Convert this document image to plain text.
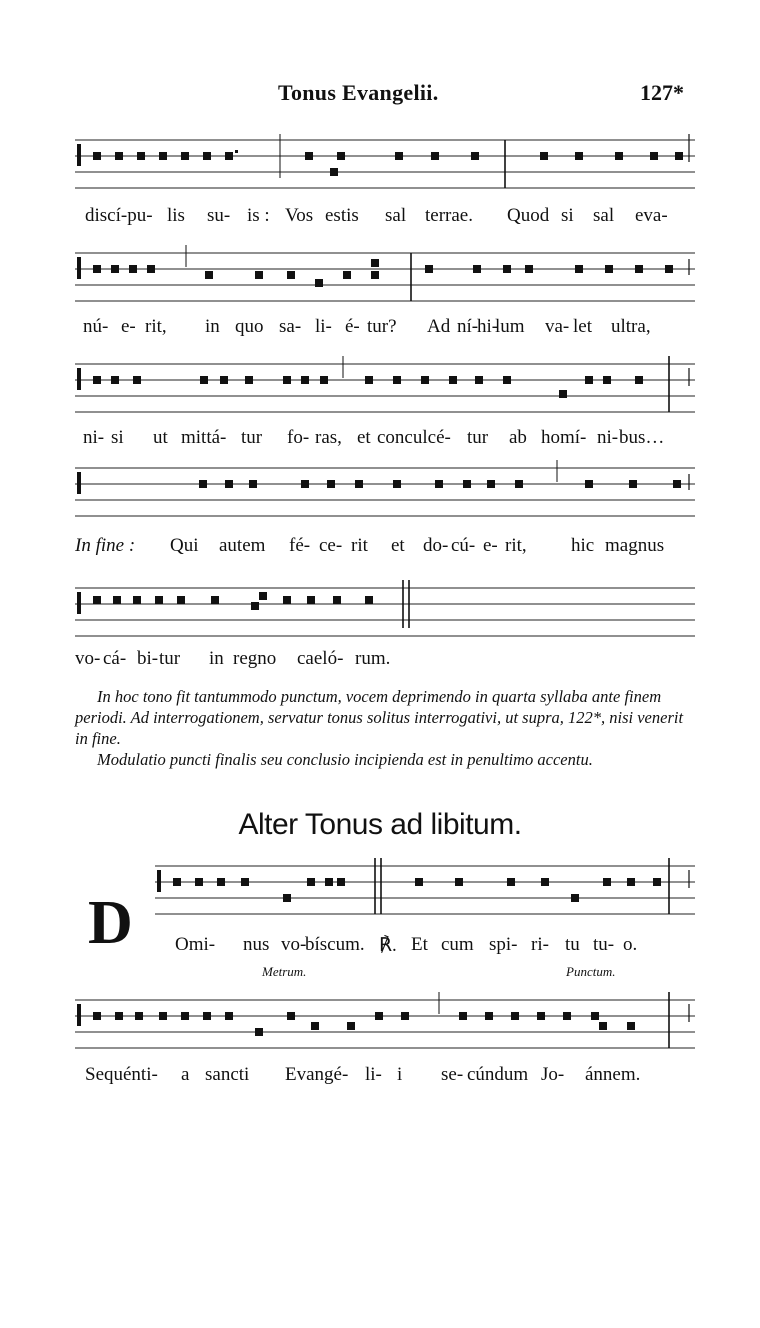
Tonus Evangelii.	127*

discí-pu-

lis

su-

is :

Vos

estis

sal

terrae.

Quod

si

sal

eva-

nú-

e-

rit,

in

quo

sa-

li-

é-

tur?

Ad

ní-

hi-

lum

va-

let

ultra,

ni-

si

ut

mittá-

tur

fo-

ras,

et

conculcé-

tur

ab

homí-

ni-

bus…

In fine :

Qui

autem

fé-

ce-

rit

et

do-

cú-

e-

rit,

hic

magnus

vo-

cá-

bi-

tur

in

regno

caeló-

rum.

In hoc tono fit tantummodo punctum, vocem deprimendo in quarta syllaba ante finem periodi. Ad interrogationem, servatur tonus solitus interrogativi, ut supra, 122*, nisi venerit in fine.

Modulatio puncti finalis seu conclusio incipienda est in penultimo accentu.

Alter Tonus ad libitum.
D

Omi-

nus

vo-

bíscum.

℟.

Et

cum

spi-

ri-

tu

tu-

o.

Metrum.	Punctum.

Sequénti-

a

sancti

Evangé-

li-

i

se-

cúndum

Jo-

ánnem.
